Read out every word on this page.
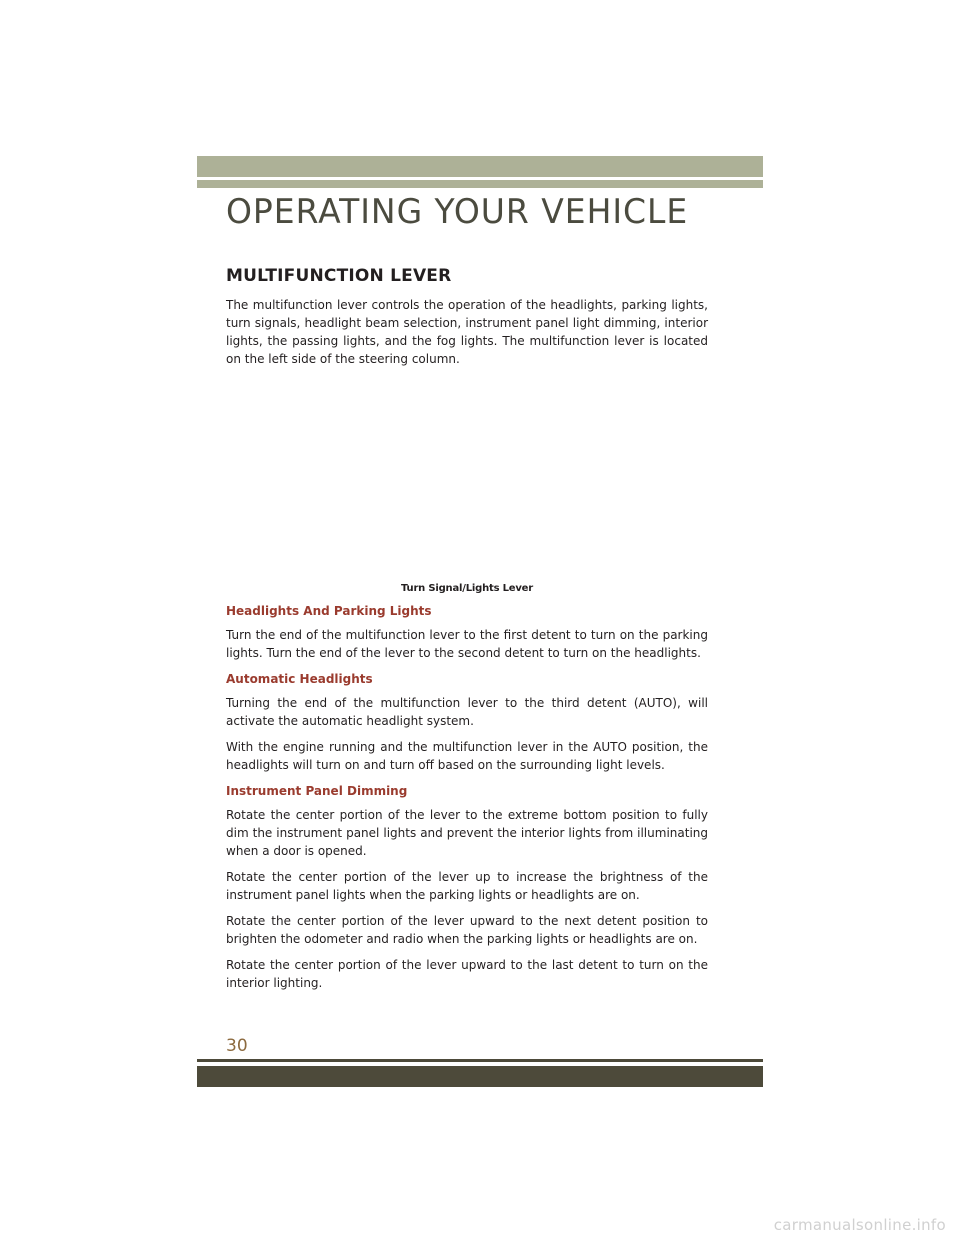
OPERATING YOUR VEHICLE
MULTIFUNCTION LEVER

The multifunction lever controls the operation of the headlights, parking lights, turn signals, headlight beam selection, instrument panel light dimming, interior lights, the passing lights, and the fog lights. The multifunction lever is located on the left side of the steering column.

Turn Signal/Lights Lever
Headlights And Parking Lights

Turn the end of the multifunction lever to the first detent to turn on the parking lights. Turn the end of the lever to the second detent to turn on the headlights.

Automatic Headlights

Turning the end of the multifunction lever to the third detent (AUTO), will activate the automatic headlight system.

With the engine running and the multifunction lever in the AUTO position, the headlights will turn on and turn off based on the surrounding light levels.

Instrument Panel Dimming

Rotate the center portion of the lever to the extreme bottom position to fully dim the instrument panel lights and prevent the interior lights from illuminating when a door is opened.

Rotate the center portion of the lever up to increase the brightness of the instrument panel lights when the parking lights or headlights are on.

Rotate the center portion of the lever upward to the next detent position to brighten the odometer and radio when the parking lights or headlights are on.

Rotate the center portion of the lever upward to the last detent to turn on the interior lighting.

30
carmanualsonline.info
